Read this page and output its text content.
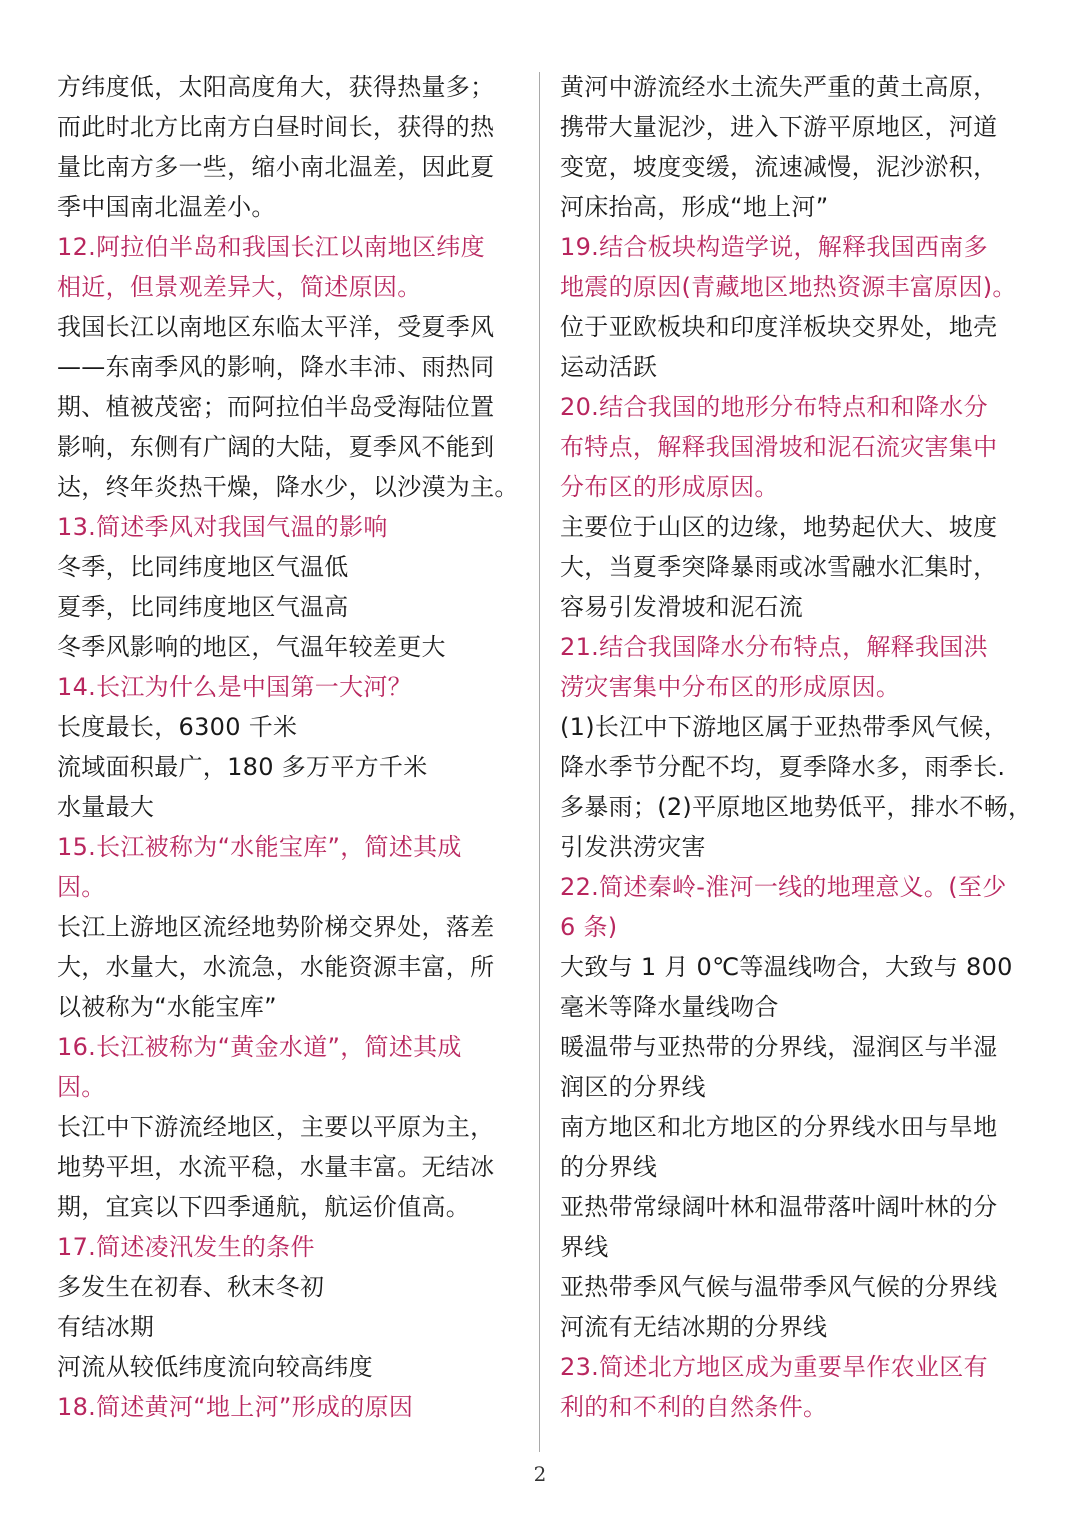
方纬度低，太阳高度角大，获得热量多；
而此时北方比南方白昼时间长，获得的热
量比南方多一些，缩小南北温差，因此夏
季中国南北温差小。
12.阿拉伯半岛和我国长江以南地区纬度
相近，但景观差异大，简述原因。
我国长江以南地区东临太平洋，受夏季风
——东南季风的影响，降水丰沛、雨热同
期、植被茂密；而阿拉伯半岛受海陆位置
影响，东侧有广阔的大陆，夏季风不能到
达，终年炎热干燥，降水少，以沙漠为主。
13.简述季风对我国气温的影响
冬季，比同纬度地区气温低
夏季，比同纬度地区气温高
冬季风影响的地区，气温年较差更大
14.长江为什么是中国第一大河？
长度最长，6300 千米
流域面积最广，180 多万平方千米
水量最大
15.长江被称为“水能宝库”，简述其成
因。
长江上游地区流经地势阶梯交界处，落差
大，水量大，水流急，水能资源丰富，所
以被称为“水能宝库”
16.长江被称为“黄金水道”，简述其成
因。
长江中下游流经地区，主要以平原为主，
地势平坦，水流平稳，水量丰富。无结冰
期，宜宾以下四季通航，航运价值高。
17.简述凌汛发生的条件
多发生在初春、秋末冬初
有结冰期
河流从较低纬度流向较高纬度
18.简述黄河“地上河”形成的原因
黄河中游流经水土流失严重的黄土高原，
携带大量泥沙，进入下游平原地区，河道
变宽，坡度变缓，流速减慢，泥沙淤积，
河床抬高，形成“地上河”
19.结合板块构造学说，解释我国西南多
地震的原因(青藏地区地热资源丰富原因)。
位于亚欧板块和印度洋板块交界处，地壳
运动活跃
20.结合我国的地形分布特点和和降水分
布特点，解释我国滑坡和泥石流灾害集中
分布区的形成原因。
主要位于山区的边缘，地势起伏大、坡度
大，当夏季突降暴雨或冰雪融水汇集时，
容易引发滑坡和泥石流
21.结合我国降水分布特点，解释我国洪
涝灾害集中分布区的形成原因。
(1)长江中下游地区属于亚热带季风气候，
降水季节分配不均，夏季降水多，雨季长.
多暴雨；(2)平原地区地势低平，排水不畅，
引发洪涝灾害
22.简述秦岭-淮河一线的地理意义。(至少
6 条)
大致与 1 月 0℃等温线吻合，大致与 800
毫米等降水量线吻合
暖温带与亚热带的分界线，湿润区与半湿
润区的分界线
南方地区和北方地区的分界线水田与旱地
的分界线
亚热带常绿阔叶林和温带落叶阔叶林的分
界线
亚热带季风气候与温带季风气候的分界线
河流有无结冰期的分界线
23.简述北方地区成为重要旱作农业区有
利的和不利的自然条件。
2
